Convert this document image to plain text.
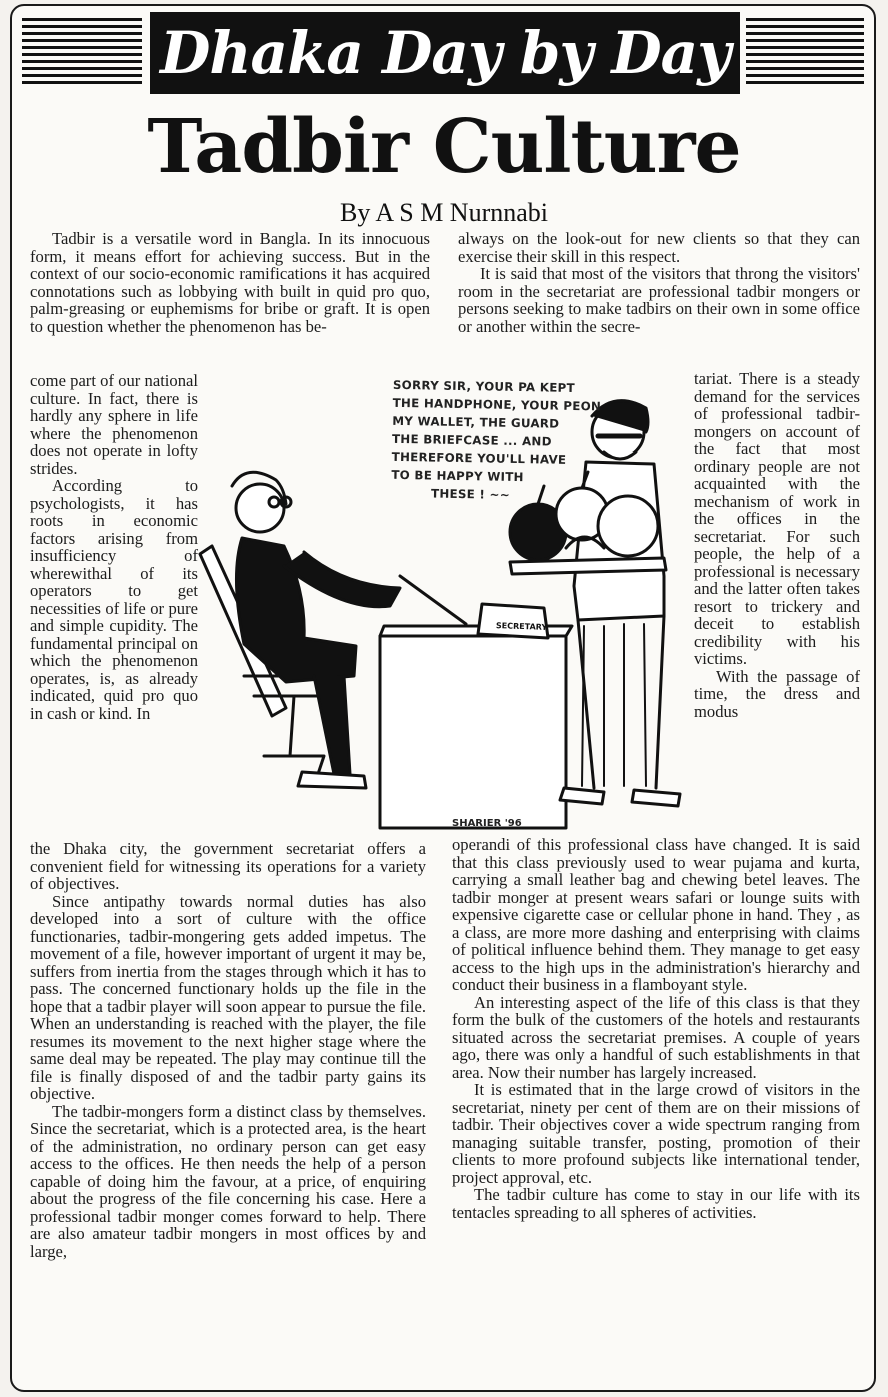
Dhaka Day by Day
Tadbir Culture
By A S M Nurnnabi

Tadbir is a versatile word in Bangla. In its innocuous form, it means effort for achieving success. But in the context of our socio-economic ramifications it has acquired connotations such as lobbying with built in quid pro quo, palm-greasing or euphemisms for bribe or graft. It is open to question whether the phenomenon has be-

always on the look-out for new clients so that they can exercise their skill in this respect.

It is said that most of the visitors that throng the visitors' room in the secretariat are professional tadbir mongers or persons seeking to make tadbirs on their own in some office or another within the secre-

come part of our national culture. In fact, there is hardly any sphere in life where the phenomenon does not operate in lofty strides.

According to psychologists, it has roots in economic factors arising from insufficiency of wherewithal of its operators to get necessities of life or pure and simple cupidity. The fundamental principal on which the phenomenon operates, is, as already indicated, quid pro quo in cash or kind. In

tariat. There is a steady demand for the services of professional tadbir-mongers on account of the fact that most ordinary people are not acquainted with the mechanism of work in the offices in the secretariat. For such people, the help of a professional is necessary and the latter often takes resort to trickery and deceit to establish credibility with his victims.

With the passage of time, the dress and modus

the Dhaka city, the government secretariat offers a convenient field for witnessing its operations for a variety of objectives.

Since antipathy towards normal duties has also developed into a sort of culture with the office functionaries, tadbir-mongering gets added impetus. The movement of a file, however important of urgent it may be, suffers from inertia from the stages through which it has to pass. The concerned functionary holds up the file in the hope that a tadbir player will soon appear to pursue the file. When an understanding is reached with the player, the file resumes its movement to the next higher stage where the same deal may be repeated. The play may continue till the file is finally disposed of and the tadbir party gains its objective.

The tadbir-mongers form a distinct class by themselves. Since the secretariat, which is a protected area, is the heart of the administration, no ordinary person can get easy access to the offices. He then needs the help of a person capable of doing him the favour, at a price, of enquiring about the progress of the file concerning his case. Here a professional tadbir monger comes forward to help. There are also amateur tadbir mongers in most offices by and large,

operandi of this professional class have changed. It is said that this class previously used to wear pujama and kurta, carrying a small leather bag and chewing betel leaves. The tadbir monger at present wears safari or lounge suits with expensive cigarette case or cellular phone in hand. They , as a class, are more more dashing and enterprising with claims of political influence behind them. They manage to get easy access to the high ups in the administration's hierarchy and conduct their business in a flamboyant style.

An interesting aspect of the life of this class is that they form the bulk of the customers of the hotels and restaurants situated across the secretariat premises. A couple of years ago, there was only a handful of such establishments in that area. Now their number has largely increased.

It is estimated that in the large crowd of visitors in the secretariat, ninety per cent of them are on their missions of tadbir. Their objectives cover a wide spectrum ranging from managing suitable transfer, posting, promotion of their clients to more profound subjects like international tender, project approval, etc.

The tadbir culture has come to stay in our life with its tentacles spreading to all spheres of activities.

SORRY SIR, YOUR PA KEPT
THE HANDPHONE, YOUR PEON
MY WALLET, THE GUARD
THE BRIEFCASE ... AND
THEREFORE YOU'LL HAVE
TO BE HAPPY WITH
THESE ! ~~
SECRETARY
SHARIER '96
